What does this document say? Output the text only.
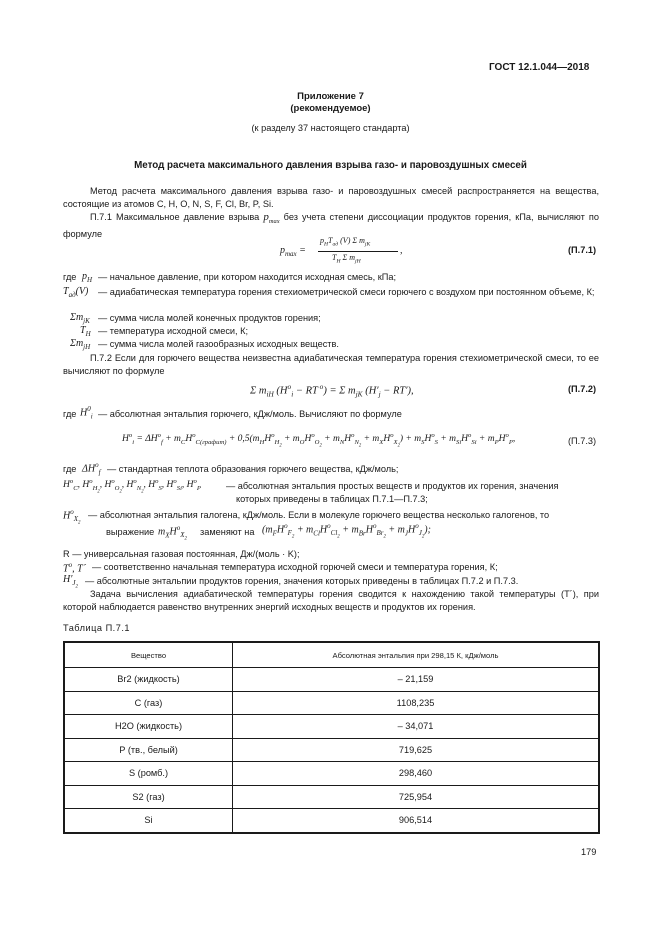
ГОСТ 12.1.044—2018
Приложение 7
(рекомендуемое)
(к разделу 37 настоящего стандарта)
Метод расчета максимального давления взрыва газо- и паровоздушных смесей
Метод расчета максимального давления взрыва газо- и паровоздушных смесей распространяется на вещества, состоящие из атомов С, Н, О, N, S, F, Cl, Br, P, Si.
П.7.1 Максимальное давление взрыва $p_{max}$ без учета степени диссоциации продуктов горения, кПа, вычисляют по формуле
$p_{max}$ =
$p_HT_{ад}$ (V) Σ $m_{jK}$
$T_H$ Σ $m_{jH}$
,	(П.7.1)
где $p_H$ — начальное давление, при котором находится исходная смесь, кПа;
$T_{ад}(V)$ — адиабатическая температура горения стехиометрической смеси горючего с воздухом при постоянном объеме, К;
$\Sigma m_{jK}$ — сумма числа молей конечных продуктов горения;
$T_H$ — температура исходной смеси, К;
$\Sigma m_{jH}$ — сумма числа молей газообразных исходных веществ.
П.7.2 Если для горючего вещества неизвестна адиабатическая температура горения стехиометрической смеси, то ее вычисляют по формуле
Σ $m_{iH}$ ($H^o_i$ − RT $^o$) = Σ $m_{jK}$ $(H'_j - RT')$,	(П.7.2)
где $H^0_i$ — абсолютная энтальпия горючего, кДж/моль. Вычисляют по формуле
$H^o_i = \Delta H^o_f + m_CH^o_{C(графит)} + 0,5(m_HH^o_{H_2} + m_OH^o_{O_2} + m_NH^o_{N_2} + m_XH^o_{X_2}) + m_SH^o_S + m_{Si}H^o_{Si} + m_PH^o_P$,	(П.7.3)
где $\Delta H^o_f$ — стандартная теплота образования горючего вещества, кДж/моль;
$H^o_C$, $H^o_{H_2}$, $H^o_{O_2}$, $H^o_{N_2}$, $H^o_S$, $H^o_{Si}$, $H^o_P$	— абсолютная энтальпия простых веществ и продуктов их горения, значения
которых приведены в таблицах П.7.1—П.7.3;
$H^o_{X_2}$
— абсолютная энтальпия галогена, кДж/моль. Если в молекуле горючего вещества несколько галогенов, то
выражение $m_XH^o_{X_2}$
заменяют на $(m_FH^o_{F_2} + m_{Cl}H^o_{Cl_2} + m_{Br}H^o_{Br_2} + m_JH^o_{J_2})$;
R — универсальная газовая постоянная, Дж/(моль · K);
$T^o$, T´ — соответственно начальная температура исходной горючей смеси и температура горения, К;
$H'_{J_2}$
— абсолютные энтальпии продуктов горения, значения которых приведены в таблицах П.7.2 и П.7.3.
Задача вычисления адиабатической температуры горения сводится к нахождению такой температуры (T´), при которой наблюдается равенство внутренних энергий исходных веществ и продуктов их горения.
Таблица П.7.1
Вещество	Абсолютная энтальпия при 298,15 К, кДж/моль
Br2 (жидкость)	– 21,159
С (газ)	1108,235
H2O (жидкость)	– 34,071
Р (тв., белый)	719,625
S (ромб.)	298,460
S2 (газ)	725,954
Si	906,514
179
